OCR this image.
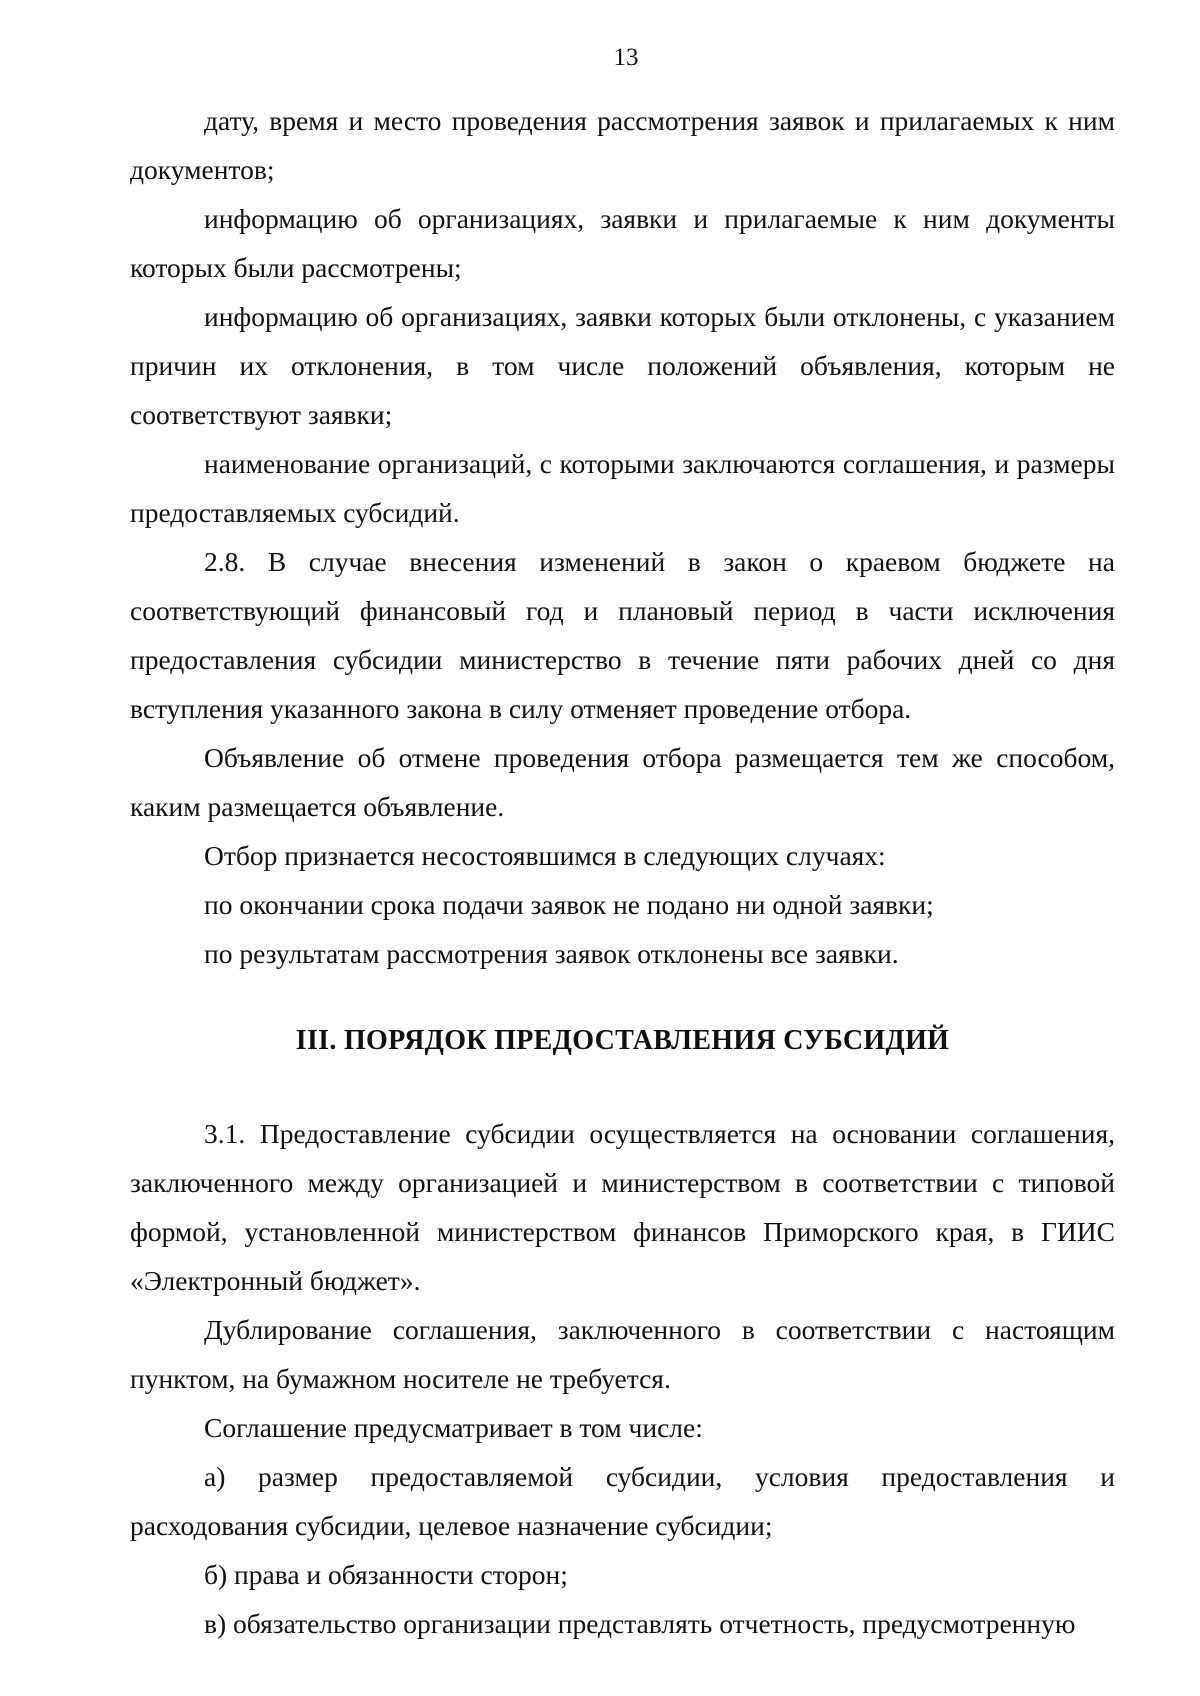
13

дату, время и место проведения рассмотрения заявок и прилагаемых к ним документов;

информацию об организациях, заявки и прилагаемые к ним документы которых были рассмотрены;

информацию об организациях, заявки которых были отклонены, с указанием причин их отклонения, в том числе положений объявления, которым не соответствуют заявки;

наименование организаций, с которыми заключаются соглашения, и размеры предоставляемых субсидий.

2.8. В случае внесения изменений в закон о краевом бюджете на соответствующий финансовый год и плановый период в части исключения предоставления субсидии министерство в течение пяти рабочих дней со дня вступления указанного закона в силу отменяет проведение отбора.

Объявление об отмене проведения отбора размещается тем же способом, каким размещается объявление.

Отбор признается несостоявшимся в следующих случаях:

по окончании срока подачи заявок не подано ни одной заявки;

по результатам рассмотрения заявок отклонены все заявки.

III. ПОРЯДОК ПРЕДОСТАВЛЕНИЯ СУБСИДИЙ

3.1. Предоставление субсидии осуществляется на основании соглашения, заключенного между организацией и министерством в соответствии с типовой формой, установленной министерством финансов Приморского края, в ГИИС «Электронный бюджет».

Дублирование соглашения, заключенного в соответствии с настоящим пунктом, на бумажном носителе не требуется.

Соглашение предусматривает в том числе:

а) размер предоставляемой субсидии, условия предоставления и расходования субсидии, целевое назначение субсидии;

б) права и обязанности сторон;

в) обязательство организации представлять отчетность, предусмотренную
